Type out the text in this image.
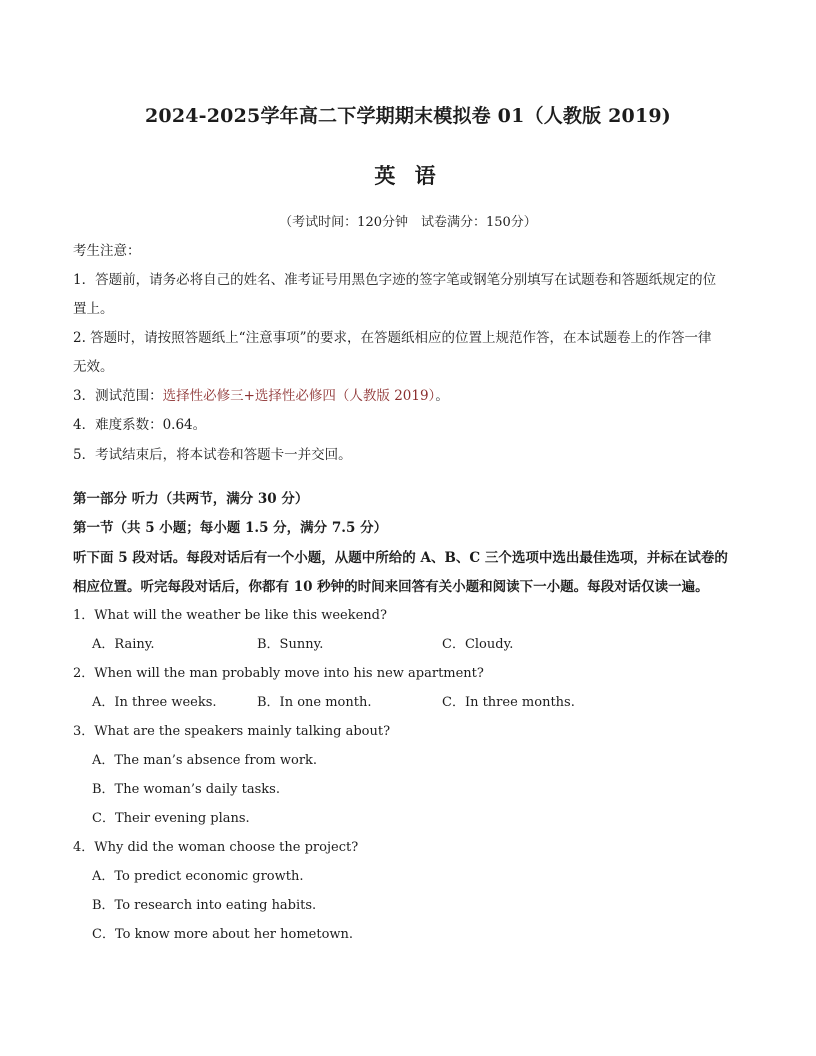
2024-2025学年高二下学期期末模拟卷 01（人教版 2019)
英 语
（考试时间：120分钟　试卷满分：150分）
考生注意：
1．答题前，请务必将自己的姓名、准考证号用黑色字迹的签字笔或钢笔分别填写在试题卷和答题纸规定的位
置上。
2. 答题时，请按照答题纸上“注意事项”的要求，在答题纸相应的位置上规范作答，在本试题卷上的作答一律
无效。
3．测试范围：选择性必修三+选择性必修四（人教版 2019）。
4．难度系数：0.64。
5．考试结束后，将本试卷和答题卡一并交回。
第一部分 听力（共两节，满分 30 分）
第一节（共 5 小题；每小题 1.5 分，满分 7.5 分）
听下面 5 段对话。每段对话后有一个小题，从题中所给的 A、B、C 三个选项中选出最佳选项，并标在试卷的
相应位置。听完每段对话后，你都有 10 秒钟的时间来回答有关小题和阅读下一小题。每段对话仅读一遍。
1．What will the weather be like this weekend?
A．Rainy.	B．Sunny.	C．Cloudy.
2．When will the man probably move into his new apartment?
A．In three weeks.	B．In one month.	C．In three months.
3．What are the speakers mainly talking about?
A．The man’s absence from work.
B．The woman’s daily tasks.
C．Their evening plans.
4．Why did the woman choose the project?
A．To predict economic growth.
B．To research into eating habits.
C．To know more about her hometown.
